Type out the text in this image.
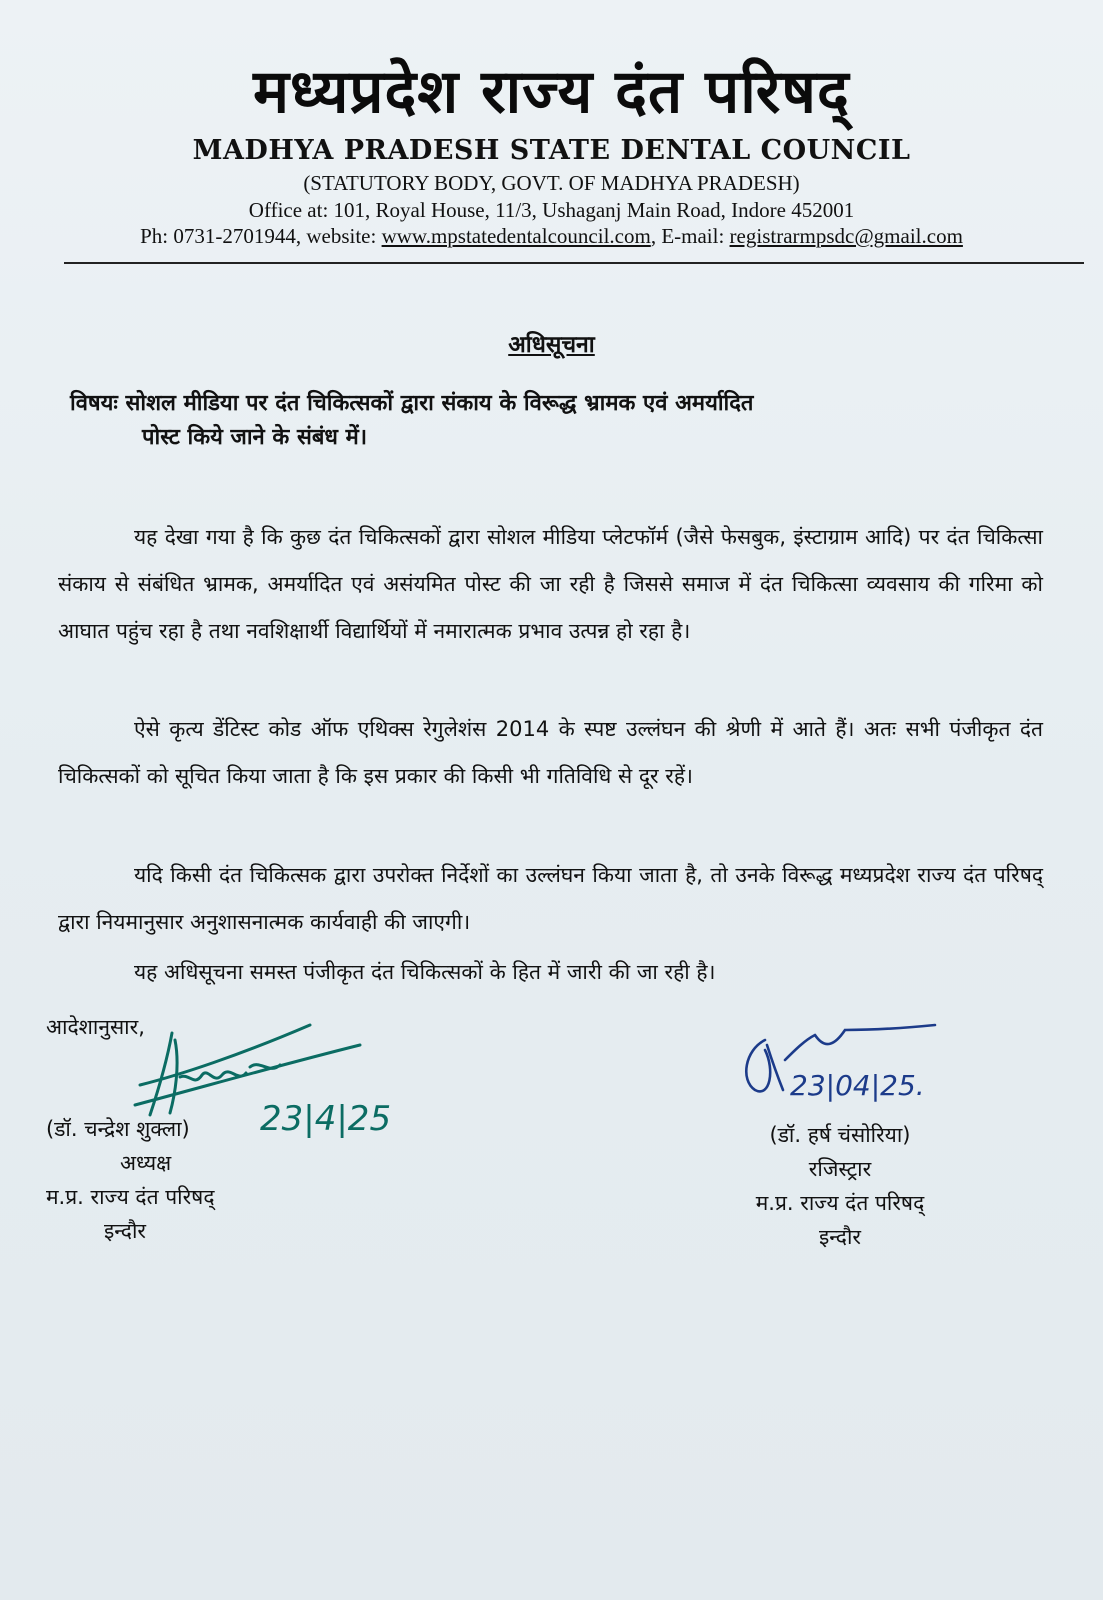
मध्यप्रदेश राज्य दंत परिषद्
MADHYA PRADESH STATE DENTAL COUNCIL
(STATUTORY BODY, GOVT. OF MADHYA PRADESH)
Office at: 101, Royal House, 11/3, Ushaganj Main Road, Indore 452001
Ph: 0731-2701944, website: www.mpstatedentalcouncil.com, E-mail: registrarmpsdc@gmail.com
अधिसूचना
विषयः सोशल मीडिया पर दंत चिकित्सकों द्वारा संकाय के विरूद्ध भ्रामक एवं अमर्यादित
पोस्ट किये जाने के संबंध में।
यह देखा गया है कि कुछ दंत चिकित्सकों द्वारा सोशल मीडिया प्लेटफॉर्म (जैसे फेसबुक, इंस्टाग्राम आदि) पर दंत चिकित्सा संकाय से संबंधित भ्रामक, अमर्यादित एवं असंयमित पोस्ट की जा रही है जिससे समाज में दंत चिकित्सा व्यवसाय की गरिमा को आघात पहुंच रहा है तथा नवशिक्षार्थी विद्यार्थियों में नमारात्मक प्रभाव उत्पन्न हो रहा है।
ऐसे कृत्य डेंटिस्ट कोड ऑफ एथिक्स रेगुलेशंस 2014 के स्पष्ट उल्लंघन की श्रेणी में आते हैं। अतः सभी पंजीकृत दंत चिकित्सकों को सूचित किया जाता है कि इस प्रकार की किसी भी गतिविधि से दूर रहें।
यदि किसी दंत चिकित्सक द्वारा उपरोक्त निर्देशों का उल्लंघन किया जाता है, तो उनके विरूद्ध मध्यप्रदेश राज्य दंत परिषद् द्वारा नियमानुसार अनुशासनात्मक कार्यवाही की जाएगी।
यह अधिसूचना समस्त पंजीकृत दंत चिकित्सकों के हित में जारी की जा रही है।
आदेशानुसार,
(डॉ. चन्द्रेश शुक्ला)
अध्यक्ष
म.प्र. राज्य दंत परिषद्
इन्दौर
23|4|25
23|04|25.
(डॉ. हर्ष चंसोरिया)
रजिस्ट्रार
म.प्र. राज्य दंत परिषद्
इन्दौर
